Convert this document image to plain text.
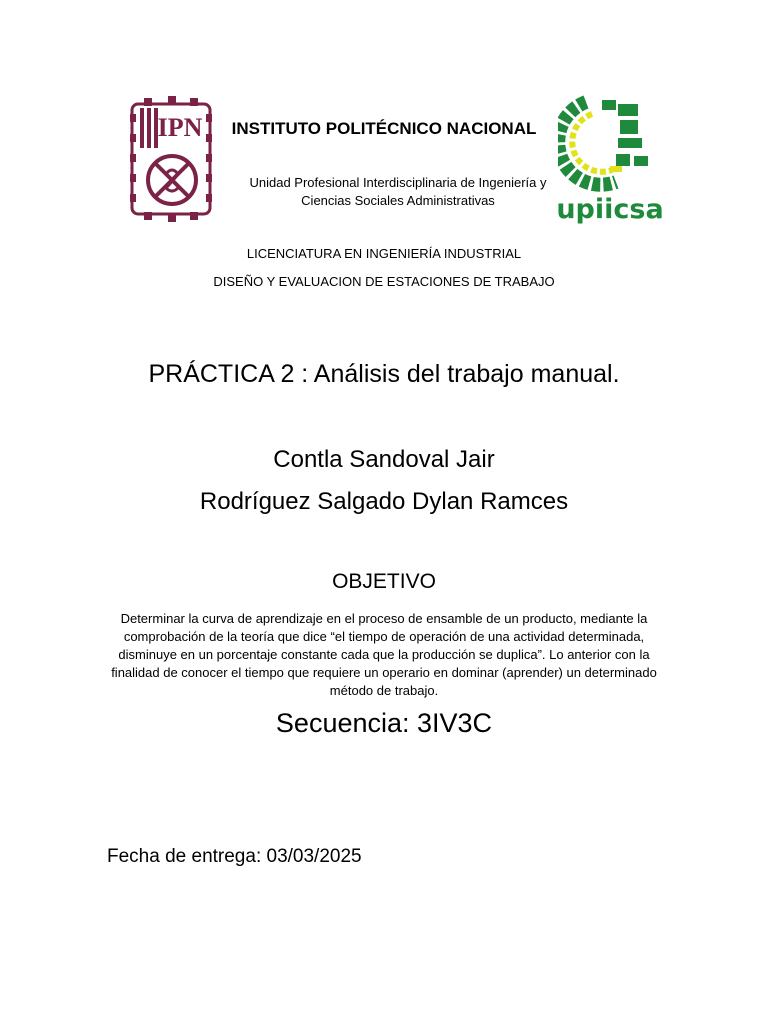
IPN INSTITUTO POLITÉCNICO NACIONAL
Unidad Profesional Interdisciplinaria de Ingeniería y Ciencias Sociales Administrativas	upiicsa
LICENCIATURA EN INGENIERÍA INDUSTRIAL
DISEÑO Y EVALUACION DE ESTACIONES DE TRABAJO
PRÁCTICA 2 : Análisis del trabajo manual.
Contla Sandoval Jair
Rodríguez Salgado Dylan Ramces
OBJETIVO
Determinar la curva de aprendizaje en el proceso de ensamble de un producto, mediante la comprobación de la teoría que dice “el tiempo de operación de una actividad determinada, disminuye en un porcentaje constante cada que la producción se duplica”. Lo anterior con la finalidad de conocer el tiempo que requiere un operario en dominar (aprender) un determinado método de trabajo.
Secuencia: 3IV3C
Fecha de entrega: 03/03/2025
